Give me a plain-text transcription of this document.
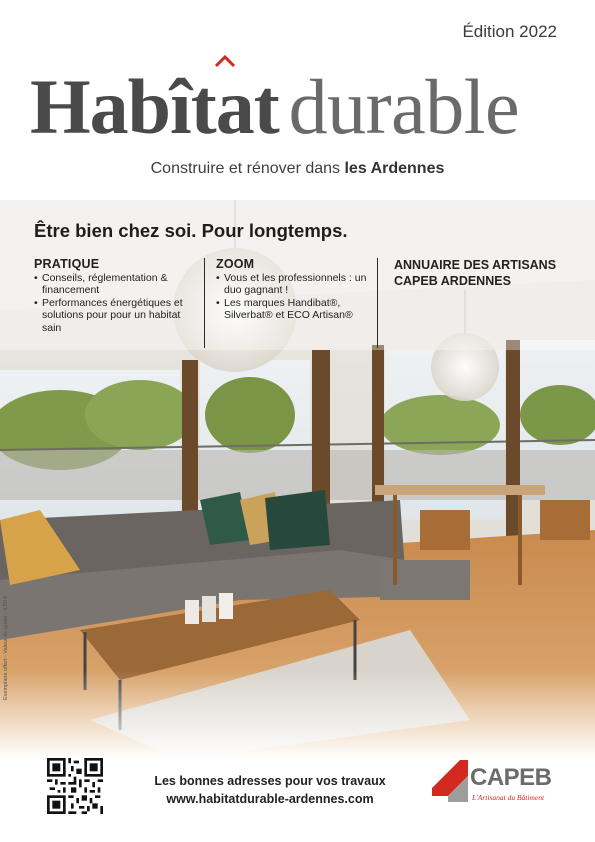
Édition 2022
Habîtat durable
Construire et rénover dans les Ardennes
Être bien chez soi. Pour longtemps.
PRATIQUE
• Conseils, réglementation & financement
• Performances énergétiques et solutions pour pour un habitat sain
ZOOM
• Vous et les professionnels : un duo gagnant !
• Les marques Handibat®, Silverbat® et ECO Artisan®
ANNUAIRE DES ARTISANS CAPEB ARDENNES
Exemplaire offert - Valeur du guide : 4,90 €
Les bonnes adresses pour vos travaux
www.habitatdurable-ardennes.com
CAPEB
L'Artisanat du Bâtiment
